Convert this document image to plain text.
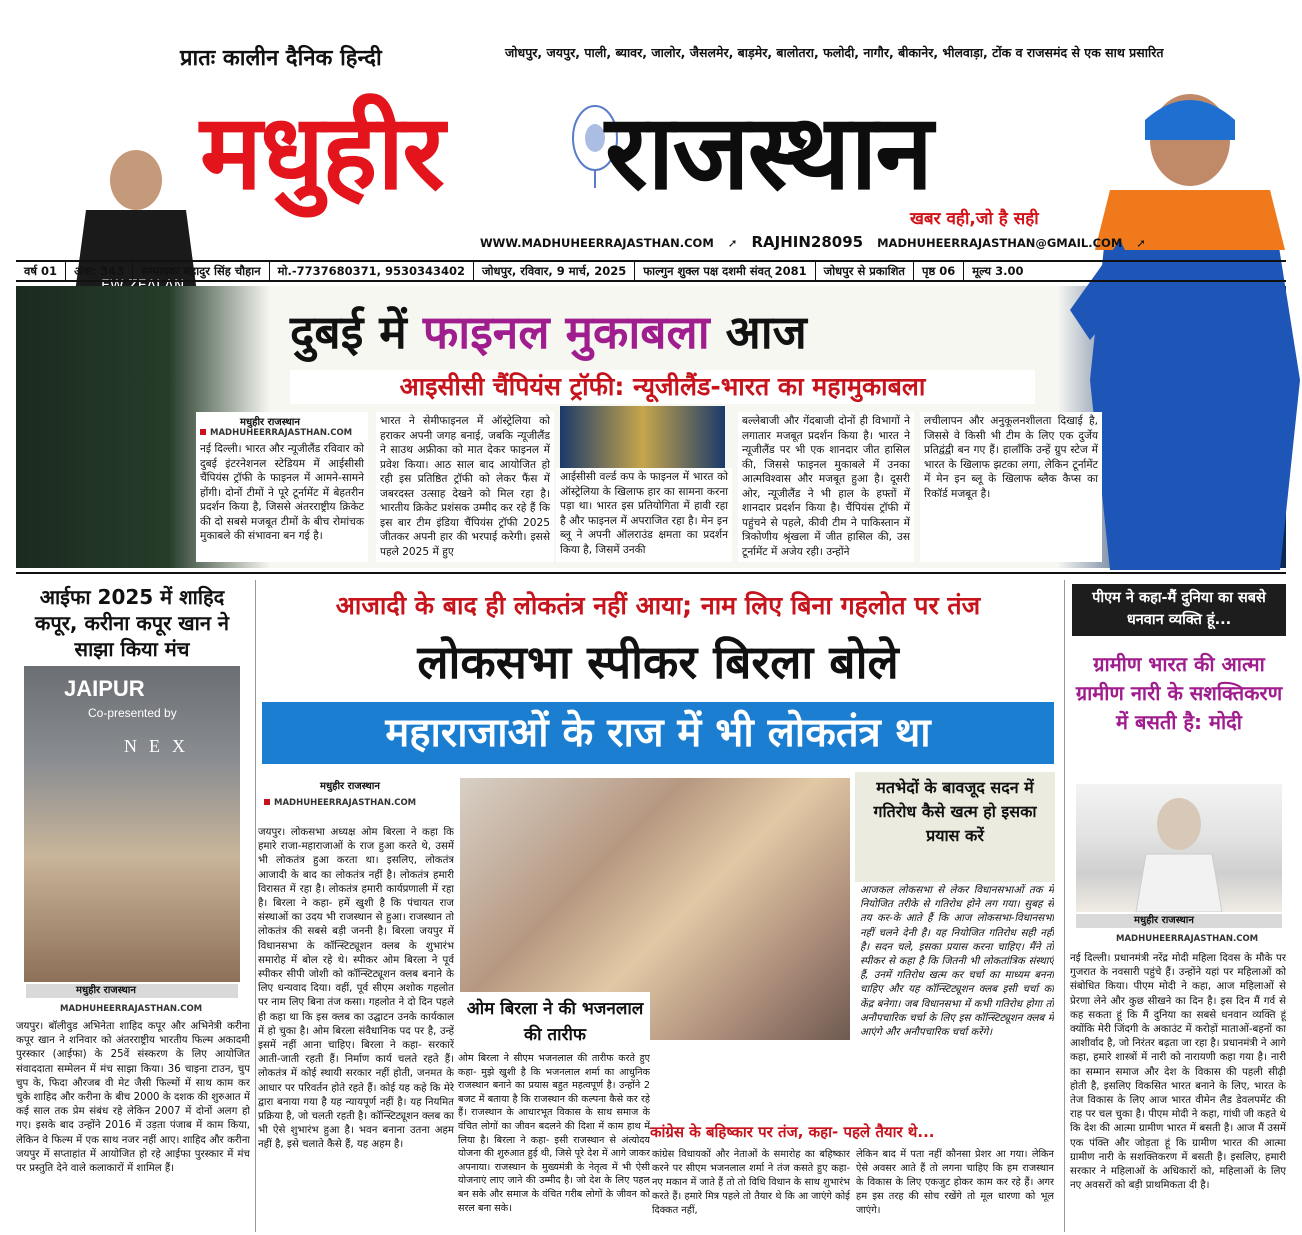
प्रातः कालीन दैनिक हिन्दी	जोधपुर, जयपुर, पाली, ब्यावर, जालोर, जैसलमेर, बाड़मेर, बालोतरा, फलोदी, नागौर, बीकानेर, भीलवाड़ा, टोंक व राजसमंद से एक साथ प्रसारित
मधुहीर राजस्थान
खबर वही,जो है सही
WWW.MADHUHEERRAJASTHAN.COM ➚ RAJHIN28095 MADHUHEERRAJASTHAN@GMAIL.COM ➚
वर्ष 01	अंक: 343	सम्पादकः बहादुर सिंह चौहान	मो.-7737680371, 9530343402	जोधपुर, रविवार, 9 मार्च, 2025	फाल्गुन शुक्ल पक्ष दशमी संवत् 2081	जोधपुर से प्रकाशित	पृष्ठ 06	मूल्य 3.00
दुबई में फाइनल मुकाबला आज
आइसीसी चैंपियंस ट्रॉफी: न्यूजीलैंड-भारत का महामुकाबला
मधुहीर राजस्थान
MADHUHEERRAJASTHAN.COM
नई दिल्ली। भारत और न्यूजीलैंड रविवार को दुबई इंटरनेशनल स्टेडियम में आईसीसी चैंपियंस ट्रॉफी के फाइनल में आमने-सामने होंगी। दोनों टीमों ने पूरे टूर्नामेंट में बेहतरीन प्रदर्शन किया है, जिससे अंतरराष्ट्रीय क्रिकेट की दो सबसे मजबूत टीमों के बीच रोमांचक मुकाबले की संभावना बन गई है।
भारत ने सेमीफाइनल में ऑस्ट्रेलिया को हराकर अपनी जगह बनाई, जबकि न्यूजीलैंड ने साउथ अफ्रीका को मात देकर फाइनल में प्रवेश किया। आठ साल बाद आयोजित हो रही इस प्रतिष्ठित ट्रॉफी को लेकर फैंस में जबरदस्त उत्साह देखने को मिल रहा है। भारतीय क्रिकेट प्रशंसक उम्मीद कर रहे हैं कि इस बार टीम इंडिया चैंपियंस ट्रॉफी 2025 जीतकर अपनी हार की भरपाई करेगी। इससे पहले 2025 में हुए
आईसीसी वर्ल्ड कप के फाइनल में भारत को ऑस्ट्रेलिया के खिलाफ हार का सामना करना पड़ा था। भारत इस प्रतियोगिता में हावी रहा है और फाइनल में अपराजित रहा है। मेन इन ब्लू ने अपनी ऑलराउंड क्षमता का प्रदर्शन किया है, जिसमें उनकी
बल्लेबाजी और गेंदबाजी दोनों ही विभागों ने लगातार मजबूत प्रदर्शन किया है। भारत ने न्यूजीलैंड पर भी एक शानदार जीत हासिल की, जिससे फाइनल मुकाबले में उनका आत्मविश्वास और मजबूत हुआ है। दूसरी ओर, न्यूजीलैंड ने भी हाल के हफ्तों में शानदार प्रदर्शन किया है। चैंपियंस ट्रॉफी में पहुंचने से पहले, कीवी टीम ने पाकिस्तान में त्रिकोणीय श्रृंखला में जीत हासिल की, उस टूर्नामेंट में अजेय रही। उन्होंने
लचीलापन और अनुकूलनशीलता दिखाई है, जिससे वे किसी भी टीम के लिए एक दुर्जेय प्रतिद्वंद्वी बन गए हैं। हालाँकि उन्हें ग्रुप स्टेज में भारत के खिलाफ झटका लगा, लेकिन टूर्नामेंट में मेन इन ब्लू के खिलाफ ब्लैक कैप्स का रिकॉर्ड मजबूत है।
आईफा 2025 में शाहिद कपूर, करीना कपूर खान ने साझा किया मंच
JAIPUR
Co-presented by
NEX
मधुहीर राजस्थान
MADHUHEERRAJASTHAN.COM
जयपुर। बॉलीवुड अभिनेता शाहिद कपूर और अभिनेत्री करीना कपूर खान ने शनिवार को अंतरराष्ट्रीय भारतीय फिल्म अकादमी पुरस्कार (आईफा) के 25वें संस्करण के लिए आयोजित संवाददाता सम्मेलन में मंच साझा किया। 36 चाइना टाउन, चुप चुप के, फिदा औरजब वी मेट जैसी फिल्मों में साथ काम कर चुके शाहिद और करीना के बीच 2000 के दशक की शुरुआत में कई साल तक प्रेम संबंध रहे लेकिन 2007 में दोनों अलग हो गए। इसके बाद उन्होंने 2016 में उड़ता पंजाब में काम किया, लेकिन वे फिल्म में एक साथ नजर नहीं आए। शाहिद और करीना जयपुर में सप्ताहांत में आयोजित हो रहे आईफा पुरस्कार में मंच पर प्रस्तुति देने वाले कलाकारों में शामिल हैं।
आजादी के बाद ही लोकतंत्र नहीं आया; नाम लिए बिना गहलोत पर तंज
लोकसभा स्पीकर बिरला बोले
महाराजाओं के राज में भी लोकतंत्र था
मधुहीर राजस्थान
MADHUHEERRAJASTHAN.COM
जयपुर। लोकसभा अध्यक्ष ओम बिरला ने कहा कि हमारे राजा-महाराजाओं के राज हुआ करते थे, उसमें भी लोकतंत्र हुआ करता था। इसलिए, लोकतंत्र आजादी के बाद का लोकतंत्र नहीं है। लोकतंत्र हमारी विरासत में रहा है। लोकतंत्र हमारी कार्यप्रणाली में रहा है। बिरला ने कहा- हमें खुशी है कि पंचायत राज संस्थाओं का उदय भी राजस्थान से हुआ। राजस्थान तो लोकतंत्र की सबसे बड़ी जननी है। बिरला जयपुर में विधानसभा के कॉन्स्टिट्यूशन क्लब के शुभारंभ समारोह में बोल रहे थे। स्पीकर ओम बिरला ने पूर्व स्पीकर सीपी जोशी को कॉन्स्टिट्यूशन क्लब बनाने के लिए धन्यवाद दिया। वहीं, पूर्व सीएम अशोक गहलोत पर नाम लिए बिना तंज कसा। गहलोत ने दो दिन पहले ही कहा था कि इस क्लब का उद्घाटन उनके कार्यकाल में हो चुका है। ओम बिरला संवैधानिक पद पर है, उन्हें इसमें नहीं आना चाहिए। बिरला ने कहा- सरकारें आती-जाती रहती हैं। निर्माण कार्य चलते रहते हैं। लोकतंत्र में कोई स्थायी सरकार नहीं होती, जनमत के आधार पर परिवर्तन होते रहते हैं। कोई यह कहे कि मेरे द्वारा बनाया गया है यह न्यायपूर्ण नहीं है। यह नियमित प्रक्रिया है, जो चलती रहती है। कॉन्स्टिट्यूशन क्लब का भी ऐसे शुभारंभ हुआ है। भवन बनाना उतना अहम नहीं है, इसे चलाते कैसे हैं, यह अहम है।
ओम बिरला ने की भजनलाल की तारीफ
ओम बिरला ने सीएम भजनलाल की तारीफ करते हुए कहा- मुझे खुशी है कि भजनलाल शर्मा का आधुनिक राजस्थान बनाने का प्रयास बहुत महत्वपूर्ण है। उन्होंने 2 बजट में बताया है कि राजस्थान की कल्पना कैसे कर रहे हैं। राजस्थान के आधारभूत विकास के साथ समाज के वंचित लोगों का जीवन बदलने की दिशा में काम हाथ में लिया है। बिरला ने कहा- इसी राजस्थान से अंत्योदय योजना की शुरुआत हुई थी, जिसे पूरे देश में आगे जाकर अपनाया। राजस्थान के मुख्यमंत्री के नेतृत्व में भी ऐसी योजनाएं लाए जाने की उम्मीद है। जो देश के लिए पहल बन सके और समाज के वंचित गरीब लोगों के जीवन को सरल बना सके।
मतभेदों के बावजूद सदन में गतिरोध कैसे खत्म हो इसका प्रयास करें
आजकल लोकसभा से लेकर विधानसभाओं तक में नियोजित तरीके से गतिरोध होने लग गया। सुबह से तय कर-के आते हैं कि आज लोकसभा-विधानसभा नहीं चलने देनी है। यह नियोजित गतिरोध सही नहीं है। सदन चले, इसका प्रयास करना चाहिए। मैंने तो स्पीकर से कहा है कि जितनी भी लोकतांत्रिक संस्थाएं हैं, उनमें गतिरोध खत्म कर चर्चा का माध्यम बनना चाहिए और यह कॉन्स्टिट्यूशन क्लब इसी चर्चा का केंद्र बनेगा। जब विधानसभा में कभी गतिरोध होगा तो अनौपचारिक चर्चा के लिए इस कॉन्स्टिट्यूशन क्लब में आएंगे और अनौपचारिक चर्चा करेंगे।
कांग्रेस के बहिष्कार पर तंज, कहा- पहले तैयार थे...
कांग्रेस विधायकों और नेताओं के समारोह का बहिष्कार करने पर सीएम भजनलाल शर्मा ने तंज कसते हुए कहा- नए मकान में जाते हैं तो तो विधि विधान के साथ शुभारंभ करते हैं। हमारे मित्र पहले तो तैयार थे कि आ जाएंगे कोई दिक्कत नहीं,
लेकिन बाद में पता नहीं कौनसा प्रेशर आ गया। लेकिन ऐसे अवसर आते हैं तो लगना चाहिए कि हम राजस्थान के विकास के लिए एकजुट होकर काम कर रहे हैं। अगर हम इस तरह की सोच रखेंगे तो मूल धारणा को भूल जाएंगे।
पीएम ने कहा-मैं दुनिया का सबसे धनवान व्यक्ति हूं...
ग्रामीण भारत की आत्मा ग्रामीण नारी के सशक्तिकरण में बसती है: मोदी
मधुहीर राजस्थान
MADHUHEERRAJASTHAN.COM
नई दिल्ली। प्रधानमंत्री नरेंद्र मोदी महिला दिवस के मौके पर गुजरात के नवसारी पहुंचे हैं। उन्होंने यहां पर महिलाओं को संबोधित किया। पीएम मोदी ने कहा, आज महिलाओं से प्रेरणा लेने और कुछ सीखने का दिन है। इस दिन मैं गर्व से कह सकता हूं कि मैं दुनिया का सबसे धनवान व्यक्ति हूं क्योंकि मेरी जिंदगी के अकाउंट में करोड़ों माताओं-बहनों का आशीर्वाद है, जो निरंतर बढ़ता जा रहा है। प्रधानमंत्री ने आगे कहा, हमारे शास्त्रों में नारी को नारायणी कहा गया है। नारी का सम्मान समाज और देश के विकास की पहली सीढ़ी होती है, इसलिए विकसित भारत बनाने के लिए, भारत के तेज विकास के लिए आज भारत वीमेन लैड डेवलपमेंट की राह पर चल चुका है। पीएम मोदी ने कहा, गांधी जी कहते थे कि देश की आत्मा ग्रामीण भारत में बसती है। आज मैं उसमें एक पंक्ति और जोड़ता हूं कि ग्रामीण भारत की आत्मा ग्रामीण नारी के सशक्तिकरण में बसती है। इसलिए, हमारी सरकार ने महिलाओं के अधिकारों को, महिलाओं के लिए नए अवसरों को बड़ी प्राथमिकता दी है।
